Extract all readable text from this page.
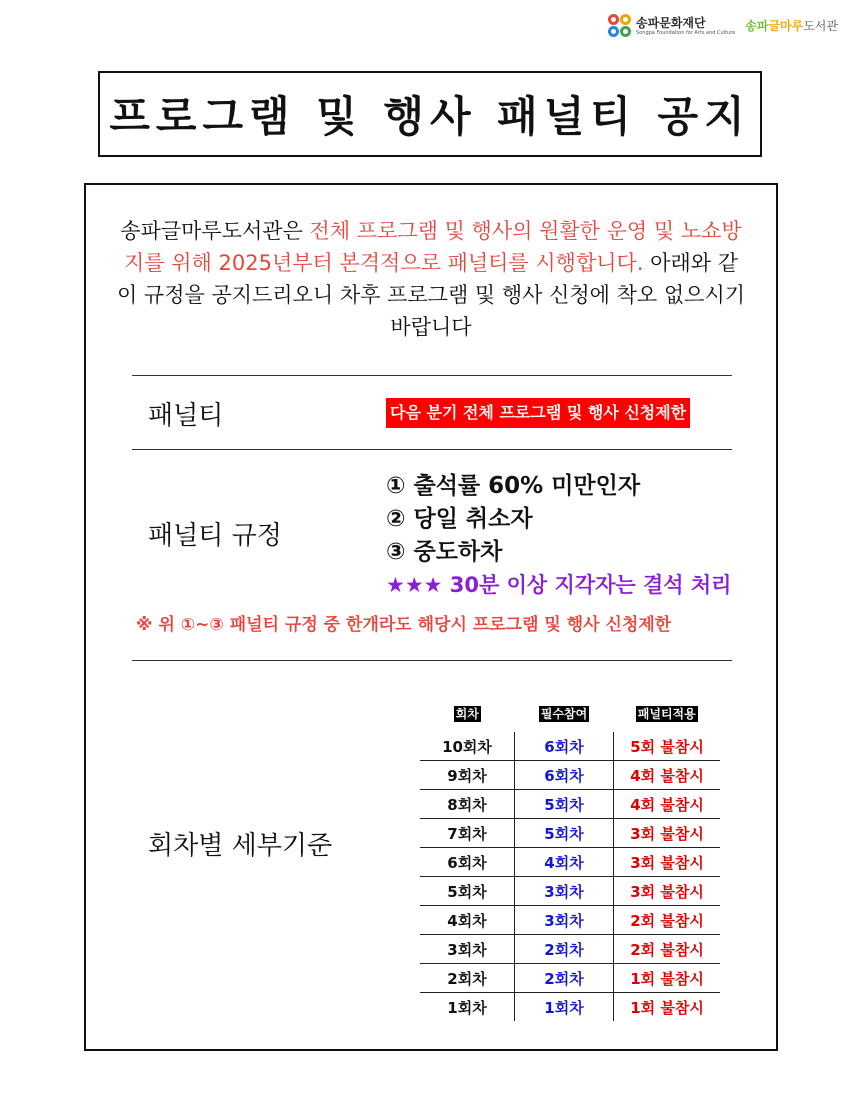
송파문화재단
Songpa Foundation for Arts and Culture 송파글마루도서관
프로그램 및 행사 패널티 공지
송파글마루도서관은 전체 프로그램 및 행사의 원활한 운영 및 노쇼방지를 위해 2025년부터 본격적으로 패널티를 시행합니다. 아래와 같이 규정을 공지드리오니 차후 프로그램 및 행사 신청에 착오 없으시기 바랍니다
패널티	다음 분기 전체 프로그램 및 행사 신청제한
패널티 규정
① 출석률 60% 미만인자
② 당일 취소자
③ 중도하차
★★★ 30분 이상 지각자는 결석 처리
※ 위 ①~③ 패널티 규정 중 한개라도 해당시 프로그램 및 행사 신청제한
회차별 세부기준
회차	필수참여	패널티적용
10회차	6회차	5회 불참시
9회차	6회차	4회 불참시
8회차	5회차	4회 불참시
7회차	5회차	3회 불참시
6회차	4회차	3회 불참시
5회차	3회차	3회 불참시
4회차	3회차	2회 불참시
3회차	2회차	2회 불참시
2회차	2회차	1회 불참시
1회차	1회차	1회 불참시
